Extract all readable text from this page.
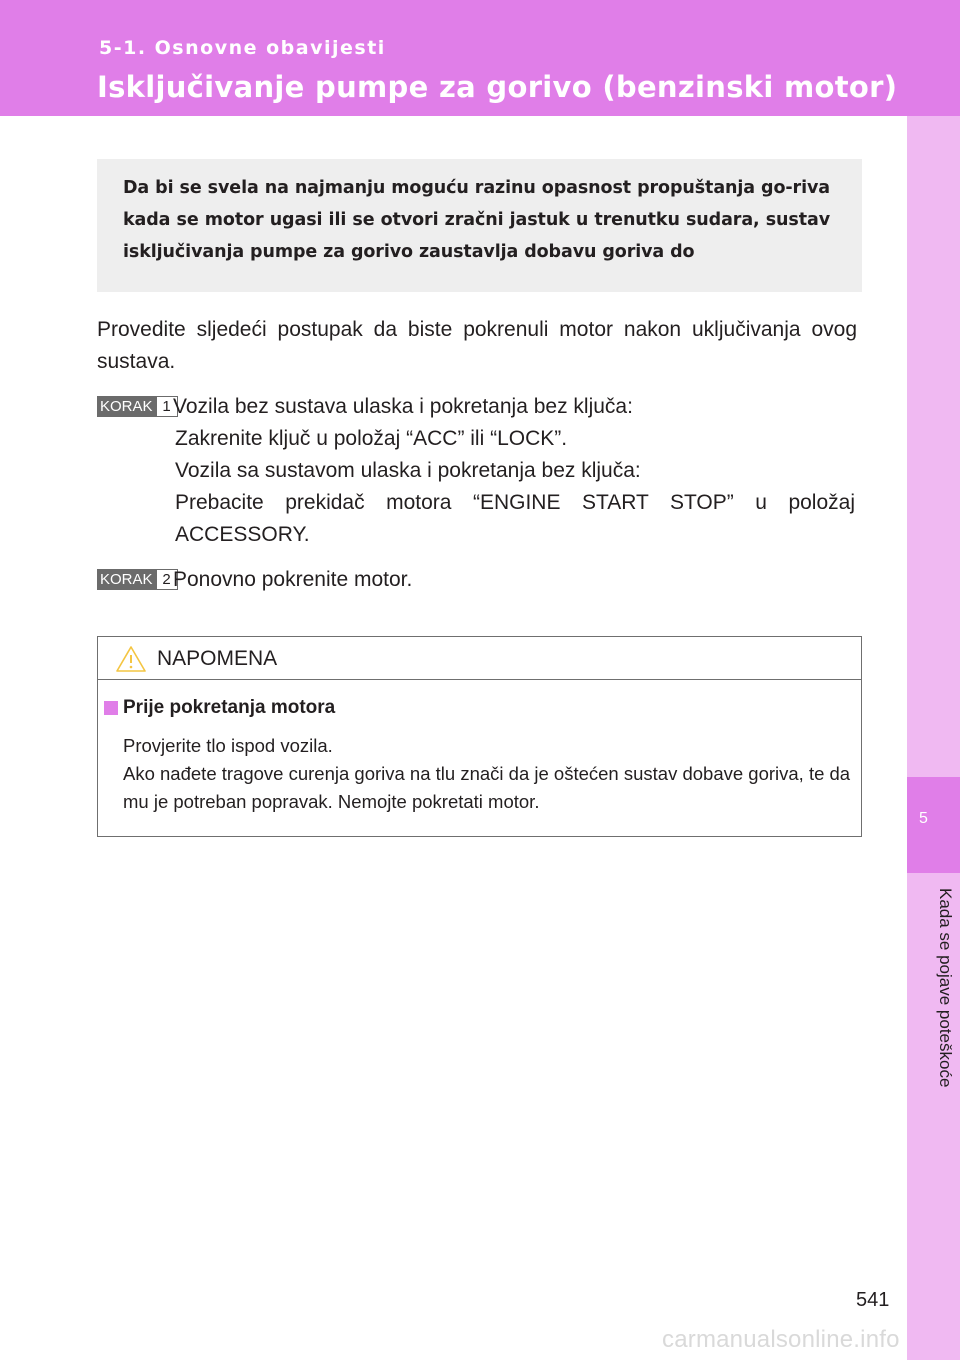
5-1. Osnovne obavijesti
Isključivanje pumpe za gorivo (benzinski motor)
5
Kada se pojave poteškoće
Da bi se svela na najmanju moguću razinu opasnost propuštanja go-riva kada se motor ugasi ili se otvori zračni jastuk u trenutku sudara, sustav isključivanja pumpe za gorivo zaustavlja dobavu goriva do
Provedite sljedeći postupak da biste pokrenuli motor nakon uključivanja ovog sustava.
KORAK 1 Vozila bez sustava ulaska i pokretanja bez ključa:
Zakrenite ključ u položaj “ACC” ili “LOCK”.
Vozila sa sustavom ulaska i pokretanja bez ključa:
Prebacite prekidač motora “ENGINE START STOP” u položaj
ACCESSORY.
KORAK 2 Ponovno pokrenite motor.
NAPOMENA
Prije pokretanja motora
Provjerite tlo ispod vozila.
Ako nađete tragove curenja goriva na tlu znači da je oštećen sustav dobave goriva, te da mu je potreban popravak. Nemojte pokretati motor.
541
carmanualsonline.info
